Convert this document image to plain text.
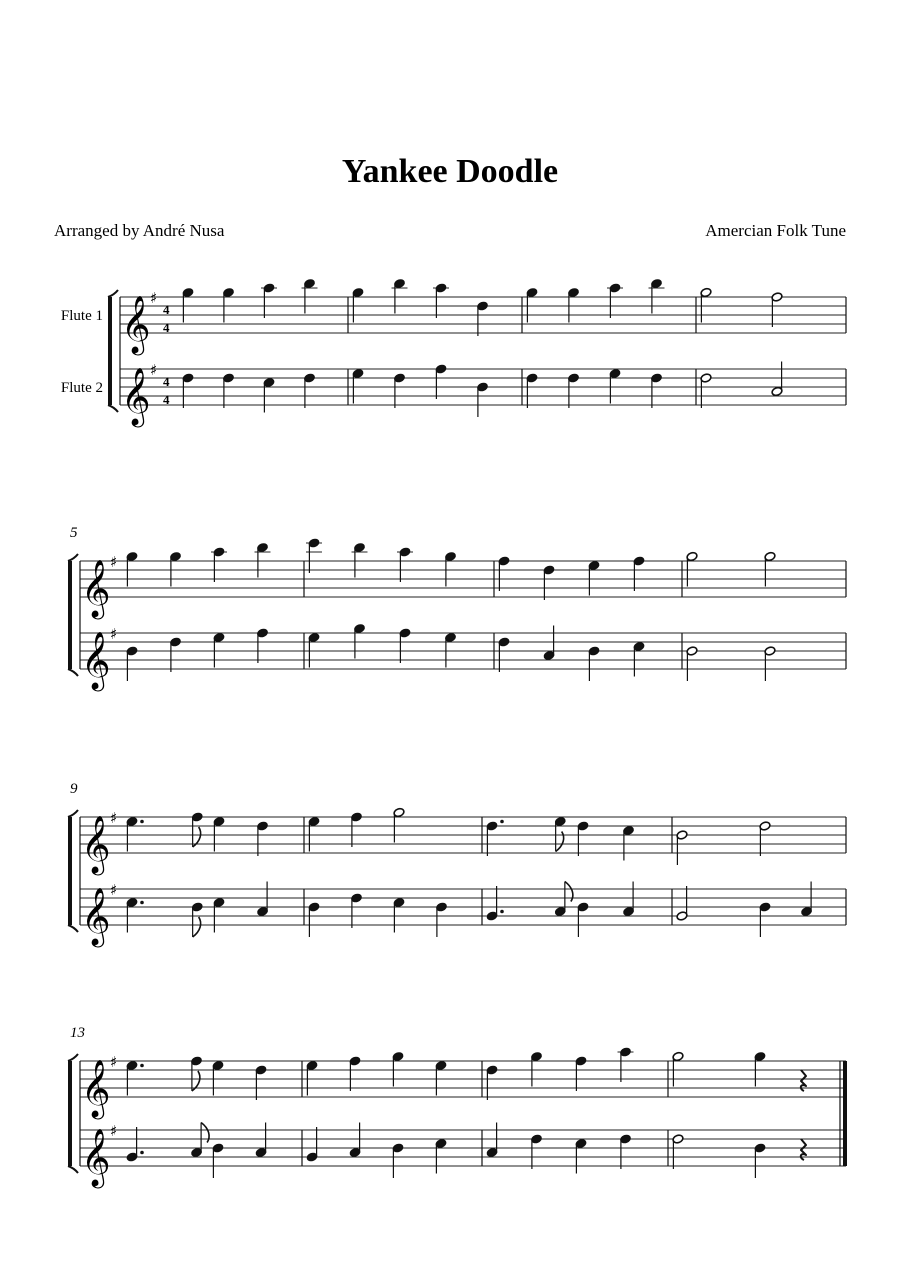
Yankee Doodle
Arranged by André Nusa	Amercian Folk Tune
Flute 1
Flute 2
𝄞 ♯
4
4
𝄞 ♯
4
4
5
𝄞 ♯
𝄞 ♯
9
𝄞 ♯
𝄞 ♯
13
𝄞 ♯
𝄞 ♯
